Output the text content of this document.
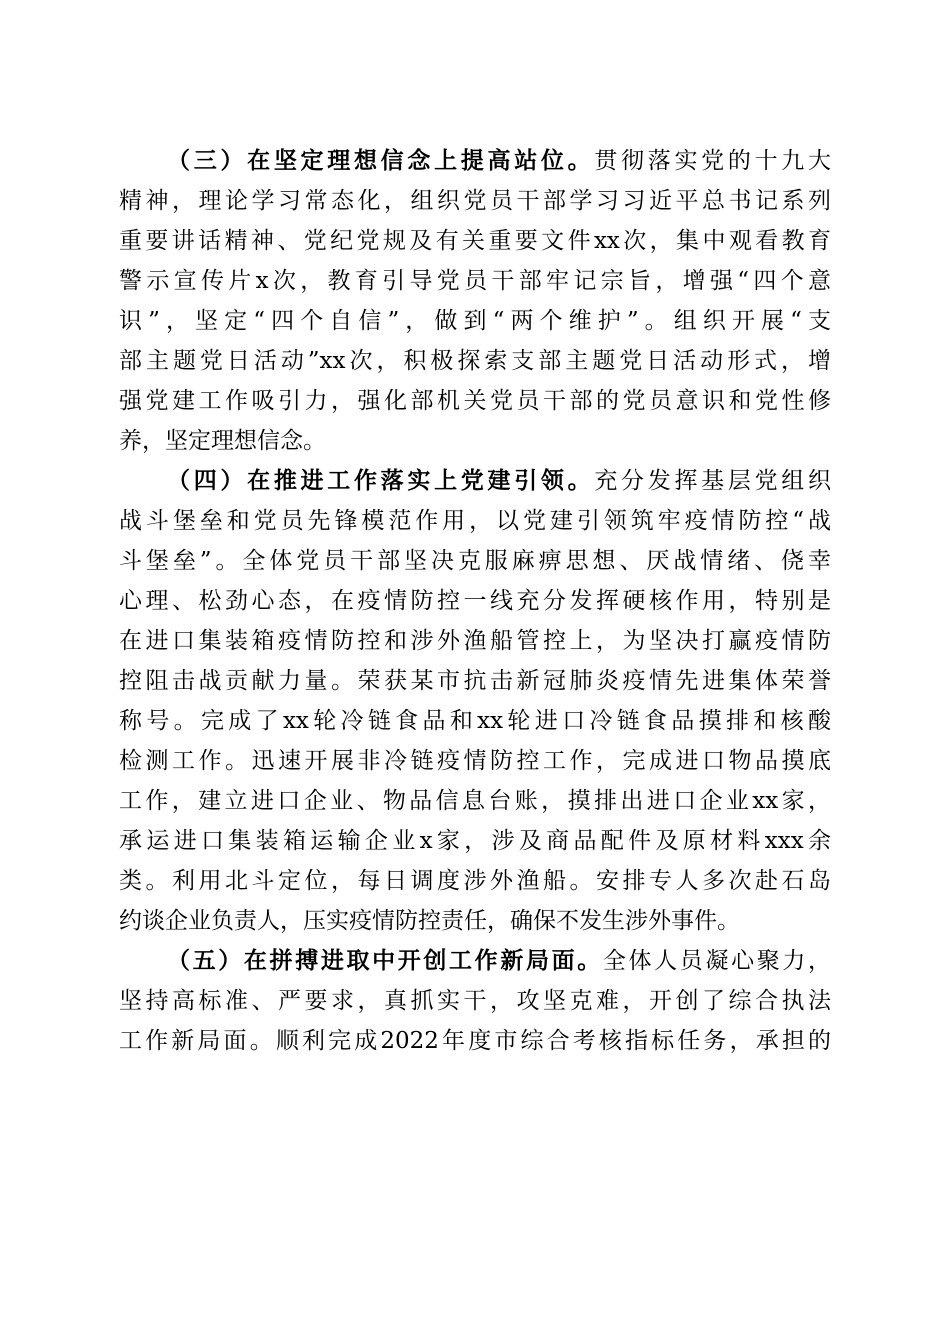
（三）在坚定理想信念上提高站位。贯彻落实党的十九大
精神，理论学习常态化，组织党员干部学习习近平总书记系列
重要讲话精神、党纪党规及有关重要文件xx次，集中观看教育
警示宣传片x次，教育引导党员干部牢记宗旨，增强“四个意
识”，坚定“四个自信”，做到“两个维护”。组织开展“支
部主题党日活动”xx次，积极探索支部主题党日活动形式，增
强党建工作吸引力，强化部机关党员干部的党员意识和党性修
养，坚定理想信念。
（四）在推进工作落实上党建引领。充分发挥基层党组织
战斗堡垒和党员先锋模范作用，以党建引领筑牢疫情防控“战
斗堡垒”。全体党员干部坚决克服麻痹思想、厌战情绪、侥幸
心理、松劲心态，在疫情防控一线充分发挥硬核作用，特别是
在进口集装箱疫情防控和涉外渔船管控上，为坚决打赢疫情防
控阻击战贡献力量。荣获某市抗击新冠肺炎疫情先进集体荣誉
称号。完成了xx轮冷链食品和xx轮进口冷链食品摸排和核酸
检测工作。迅速开展非冷链疫情防控工作，完成进口物品摸底
工作，建立进口企业、物品信息台账，摸排出进口企业xx家，
承运进口集装箱运输企业x家，涉及商品配件及原材料xxx余
类。利用北斗定位，每日调度涉外渔船。安排专人多次赴石岛
约谈企业负责人，压实疫情防控责任，确保不发生涉外事件。
（五）在拼搏进取中开创工作新局面。全体人员凝心聚力，
坚持高标准、严要求，真抓实干，攻坚克难，开创了综合执法
工作新局面。顺利完成2022年度市综合考核指标任务，承担的
